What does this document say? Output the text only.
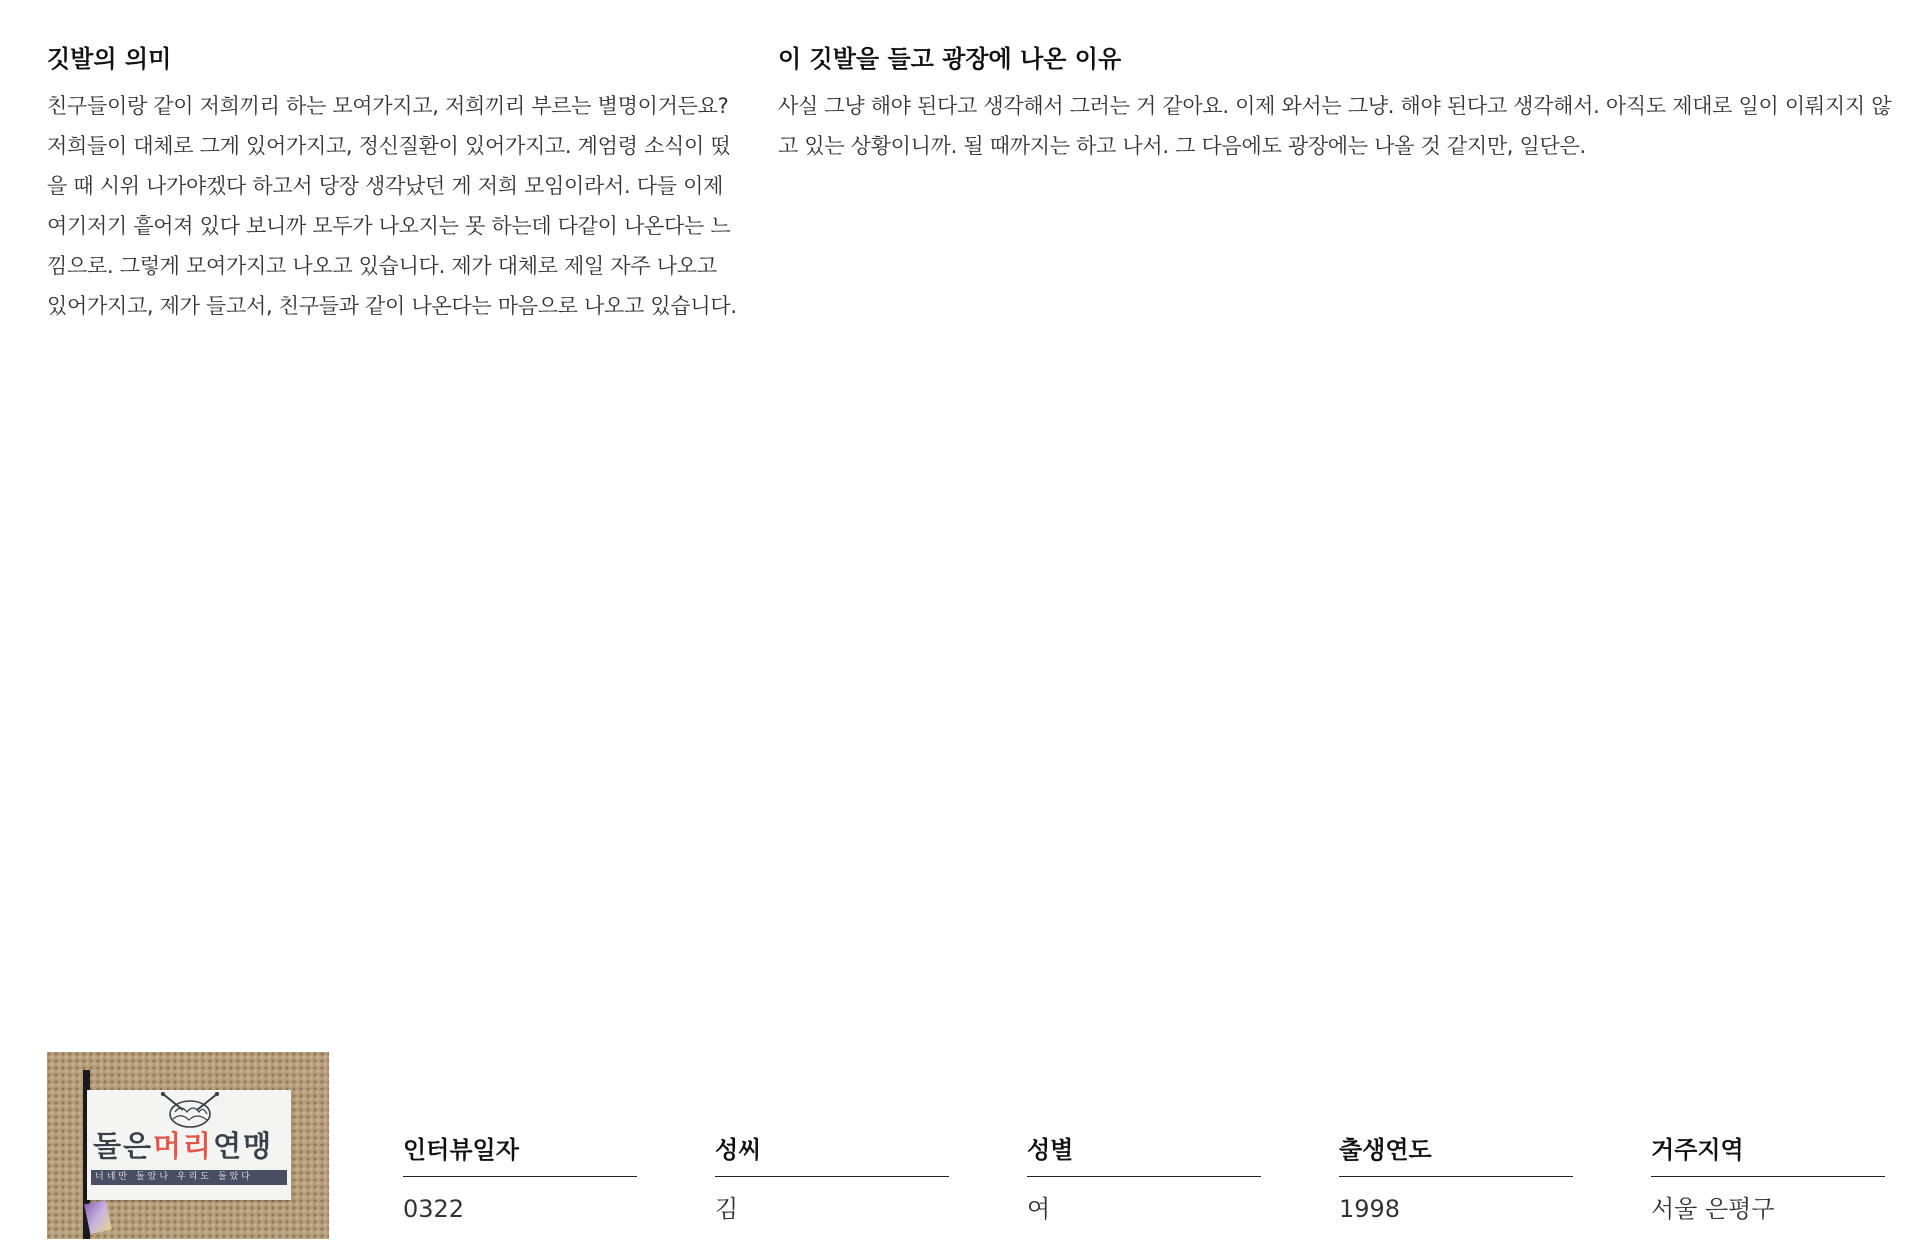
깃발의 의미

친구들이랑 같이 저희끼리 하는 모여가지고, 저희끼리 부르는 별명이거든요? 저희들이 대체로 그게 있어가지고, 정신질환이 있어가지고. 계엄령 소식이 떴을 때 시위 나가야겠다 하고서 당장 생각났던 게 저희 모임이라서. 다들 이제 여기저기 흩어져 있다 보니까 모두가 나오지는 못 하는데 다같이 나온다는 느낌으로. 그렇게 모여가지고 나오고 있습니다. 제가 대체로 제일 자주 나오고 있어가지고, 제가 들고서, 친구들과 같이 나온다는 마음으로 나오고 있습니다.

이 깃발을 들고 광장에 나온 이유

사실 그냥 해야 된다고 생각해서 그러는 거 같아요. 이제 와서는 그냥. 해야 된다고 생각해서. 아직도 제대로 일이 이뤄지지 않고 있는 상황이니까. 될 때까지는 하고 나서. 그 다음에도 광장에는 나올 것 같지만, 일단은.

돌은머리연맹
너네만 돌았나 우리도 돌았다
인터뷰일자
0322
성씨
김
성별
여
출생연도
1998
거주지역
서울 은평구
